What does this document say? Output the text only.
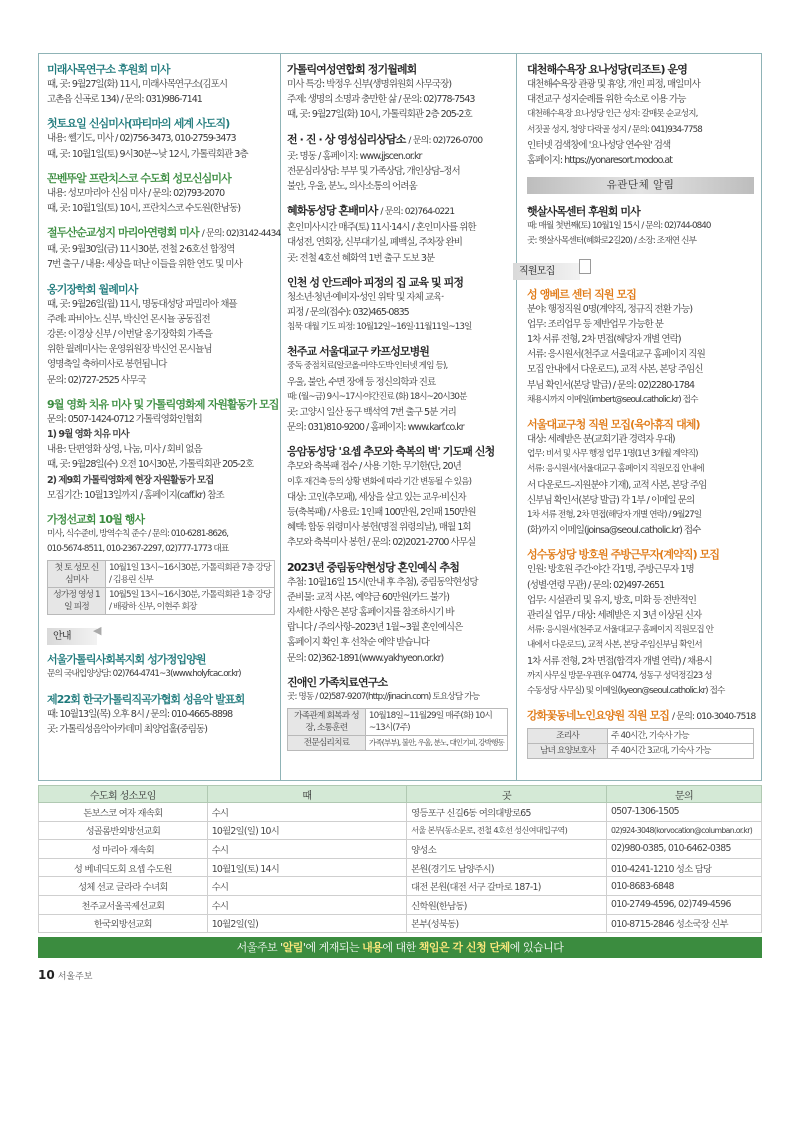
미래사목연구소 후원회 미사
때, 곳: 9월27일(화) 11시, 미래사목연구소(김포시
고촌읍 신곡로 134) / 문의: 031)986-7141
첫토요일 신심미사(파티마의 세계 사도직)
내용: 쎌기도, 미사 / 02)756-3473, 010-2759-3473
때, 곳: 10월1일(토) 9시30분~낮 12시, 가톨릭회관 3층
꼰벤뚜알 프란치스코 수도회 성모신심미사
내용: 성모마리아 신심 미사 / 문의: 02)793-2070
때, 곳: 10월1일(토) 10시, 프란치스코 수도원(한남동)
절두산순교성지 마리아연령회 미사 / 문의: 02)3142-4434
때, 곳: 9월30일(금) 11시30분, 전철 2·6호선 합정역
7번 출구 / 내용: 세상을 떠난 이들을 위한 연도 및 미사
옹기장학회 월례미사
때, 곳: 9월26일(월) 11시, 명동대성당 파밀리아 채플
주례: 파비아노 신부, 박신언 몬시뇰 공동집전
강론: 이경상 신부 / 이번달 옹기장학회 가족을
위한 월례미사는 운영위원장 박신언 몬시뇰님
영명축일 축하미사로 봉헌됩니다
문의: 02)727-2525 사무국
9월 영화 치유 미사 및 가톨릭영화제 자원활동가 모집
문의: 0507-1424-0712 가톨릭영화인협회
1) 9월 영화 치유 미사
내용: 단편영화 상영, 나눔, 미사 / 회비 없음
때, 곳: 9월28일(수) 오전 10시30분, 가톨릭회관 205-2호
2) 제9회 가톨릭영화제 현장 자원활동가 모집
모집기간: 10월13일까지 / 홈페이지(caff.kr) 참조
가정선교회 10월 행사
미사, 식수준비, 방역수칙 준수 / 문의: 010-6281-8626,
010-5674-8511, 010-2367-2297, 02)777-1773 대표
첫 토 성모 신심미사	10월1일 13시~16시30분, 가톨릭회관 7층 강당 / 김용린 신부
성가정 영성 1일 피정	10월5일 13시~16시30분, 가톨릭회관 1층 강당 / 배광하 신부, 이현주 회장
안내 ◀
서울가톨릭사회복지회 성가정입양원
문의 국내입양상담: 02)764-4741~3(www.holyfcac.or.kr)
제22회 한국가톨릭직곡가협회 성음악 발표회
때: 10월13일(목) 오후 8시 / 문의: 010-4665-8898
곳: 가톨릭성음악아카데미 최양업홀(중림동)
가톨릭여성연합회 정기월례회
미사 특강: 박정우 신부(생명위원회 사무국장)
주제: 생명의 소명과 충만한 삶 / 문의: 02)778-7543
때, 곳: 9월27일(화) 10시, 가톨릭회관 2층 205-2호
전 · 진 · 상 영성심리상담소 / 문의: 02)726-0700
곳: 명동 / 홈페이지: www.jjscen.or.kr
전문심리상담: 부부 및 가족상담, 개인상담–정서
불안, 우울, 분노, 의사소통의 어려움
혜화동성당 혼배미사 / 문의: 02)764-0221
혼인미사시간 매주(토) 11시·14시 / 혼인미사를 위한
대성전, 연회장, 신부대기실, 폐백실, 주차장 완비
곳: 전철 4호선 혜화역 1번 출구 도보 3분
인천 성 안드레아 피정의 집 교육 및 피정
청소년·청년·예비자·성인 위탁 및 자체 교육·
피정 / 문의(접수): 032)465-0835
침묵 대월 기도 피정: 10월12일~16일·11월11일~13일
천주교 서울대교구 카프성모병원
중독 중점치료(알코올·마약·도박·인터넷 게임 등),
우울, 불안, 수면 장애 등 정신의학과 진료
때: (월~금) 9시~17시·야간진료 (화) 18시~20시30분
곳: 고양시 일산 동구 백석역 7번 출구 5분 거리
문의: 031)810-9200 / 홈페이지: www.karf.co.kr
응암동성당 '요셉 추모와 축복의 벽' 기도패 신청
추모와 축복패 접수 / 사용 기한: 무기한(단, 20년
이후 재건축 등의 상황 변화에 따라 기간 변동될 수 있음)
대상: 고인(추모패), 세상을 살고 있는 교우·비신자
등(축복패) / 사용료: 1인패 100만원, 2인패 150만원
혜택: 합동 위령미사 봉헌(명절 위령의날), 매월 1회
추모와 축복미사 봉헌 / 문의: 02)2021-2700 사무실
2023년 중림동약현성당 혼인예식 추첨
추첨: 10월16일 15시(안내 후 추첨), 중림동약현성당
준비물: 교적 사본, 예약금 60만원(카드 불가)
자세한 사항은 본당 홈페이지를 참조하시기 바
랍니다 / 주의사항–2023년 1월~3월 혼인예식은
홈페이지 확인 후 선착순 예약 받습니다
문의: 02)362-1891(www.yakhyeon.or.kr)
진애인 가족치료연구소
곳: 명동 / 02)587-9207(http://jinacin.com) 토요상담 가능
가족관계 회복과 성장, 소통훈련	10월18일~11월29일 매주(화) 10시~13시(7주)
전문심리치료	가족(부부), 불안, 우울, 분노, 대인기피, 강박행동
대천해수욕장 요나성당(리조트) 운영
대천해수욕장 관광 및 휴양, 개인 피정, 매일미사
대전교구 성지순례를 위한 숙소로 이용 가능
대천해수욕장 요나성당 인근 성지: 갈매못 순교성지,
서짓골 성지, 청양 다락골 성지 / 문의: 041)934-7758
인터넷 검색창에 '요나성당 연수원' 검색
홈페이지: https://yonaresort.modoo.at
유관단체 알림
햇살사목센터 후원회 미사
때: 매월 첫번째(토) 10월1일 15시 / 문의: 02)744-0840
곳: 햇살사목센터(혜화로2길20) / 소장: 조재연 신부
직원모집
성 앵베르 센터 직원 모집
분야: 행정직원 0명(계약직, 정규직 전환 가능)
업무: 조리업무 등 제반업무 가능한 분
1차 서류 전형, 2차 면접(해당자 개별 연락)
서류: 응시원서(천주교 서울대교구 홈페이지 직원
모집 안내에서 다운로드), 교적 사본, 본당 주임신
부님 확인서(본당 발급) / 문의: 02)2280-1784
채용시까지 이메일(imbert@seoul.catholic.kr) 접수
서울대교구청 직원 모집(육아휴직 대체)
대상: 세례받은 분(교회기관 경력자 우대)
업무: 비서 및 사무 행정 업무 1명(1년 3개월 계약직)
서류: 응시원서(서울대교구 홈페이지 직원모집 안내에
서 다운로드–지원분야 기재), 교적 사본, 본당 주임
신부님 확인서(본당 발급) 각 1부 / 이메일 문의
1차 서류 전형, 2차 면접(해당자 개별 연락) / 9월27일
(화)까지 이메일(joinsa@seoul.catholic.kr) 접수
성수동성당 방호원 주방근무자(계약직) 모집
인원: 방호원 주간·야간 각1명, 주방근무자 1명
(성별·연령 무관) / 문의: 02)497-2651
업무: 시설관리 및 유지, 방호, 미화 등 전반적인
관리실 업무 / 대상: 세례받은 지 3년 이상된 신자
서류: 응시원서(천주교 서울대교구 홈페이지 직원모집 안
내에서 다운로드), 교적 사본, 본당 주임신부님 확인서
1차 서류 전형, 2차 면접(합격자 개별 연락) / 채용시
까지 사무실 방문·우편(우 04774, 성동구 성덕정길23 성
수동성당 사무실) 및 이메일(kyeon@seoul.catholic.kr) 접수
강화꽃동네노인요양원 직원 모집 / 문의: 010-3040-7518
조리사	주 40시간, 기숙사 가능
남녀 요양보호사	주 40시간 3교대, 기숙사 가능
수도회 성소모임	때	곳	문의
돈보스코 여자 재속회	수시	영등포구 신길6동 여의대방로65	0507-1306-1505
성골롬반외방선교회	10월2일(일) 10시	서울 본부(동소문로, 전철 4호선 성신여대입구역)	02)924-3048(korvocation@columban.or.kr)
성 마리아 재속회	수시	양성소	02)980-0385, 010-6462-0385
성 베네딕도회 요셉 수도원	10월1일(토) 14시	본원(경기도 남양주시)	010-4241-1210 성소 담당
성체 선교 글라라 수녀회	수시	대전 본원(대전 서구 갈마로 187-1)	010-8683-6848
천주교서울곡제선교회	수시	신학원(한남동)	010-2749-4596, 02)749-4596
한국외방선교회	10월2일(일)	본부(성북동)	010-8715-2846 성소국장 신부
서울주보 '알림'에 게재되는 내용에 대한 책임은 각 신청 단체에 있습니다
10 서울주보
